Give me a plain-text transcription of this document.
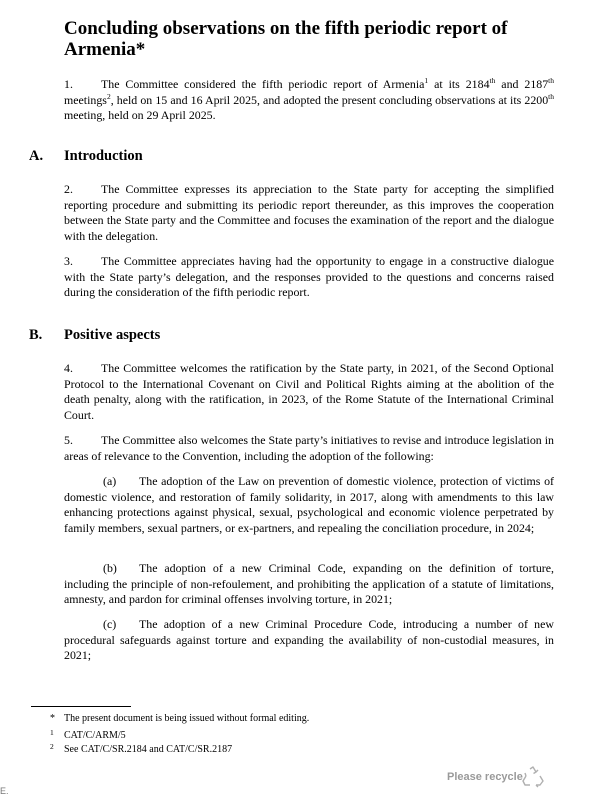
Concluding observations on the fifth periodic report of Armenia*

1. The Committee considered the fifth periodic report of Armenia$^1$ at its 2184th and 2187th meetings$^2$, held on 15 and 16 April 2025, and adopted the present concluding observations at its 2200th meeting, held on 29 April 2025.

A. Introduction

2. The Committee expresses its appreciation to the State party for accepting the simplified reporting procedure and submitting its periodic report thereunder, as this improves the cooperation between the State party and the Committee and focuses the examination of the report and the dialogue with the delegation.

3. The Committee appreciates having had the opportunity to engage in a constructive dialogue with the State party’s delegation, and the responses provided to the questions and concerns raised during the consideration of the fifth periodic report.

B. Positive aspects

4. The Committee welcomes the ratification by the State party, in 2021, of the Second Optional Protocol to the International Covenant on Civil and Political Rights aiming at the abolition of the death penalty, along with the ratification, in 2023, of the Rome Statute of the International Criminal Court.

5. The Committee also welcomes the State party’s initiatives to revise and introduce legislation in areas of relevance to the Convention, including the adoption of the following:

(a) The adoption of the Law on prevention of domestic violence, protection of victims of domestic violence, and restoration of family solidarity, in 2017, along with amendments to this law enhancing protections against physical, sexual, psychological and economic violence perpetrated by family members, sexual partners, or ex-partners, and repealing the conciliation procedure, in 2024;

(b) The adoption of a new Criminal Code, expanding on the definition of torture, including the principle of non-refoulement, and prohibiting the application of a statute of limitations, amnesty, and pardon for criminal offenses involving torture, in 2021;

(c) The adoption of a new Criminal Procedure Code, introducing a number of new procedural safeguards against torture and expanding the availability of non-custodial measures, in 2021;

* The present document is being issued without formal editing.

1 CAT/C/ARM/5

2 See CAT/C/SR.2184 and CAT/C/SR.2187

Please recycle
E.
